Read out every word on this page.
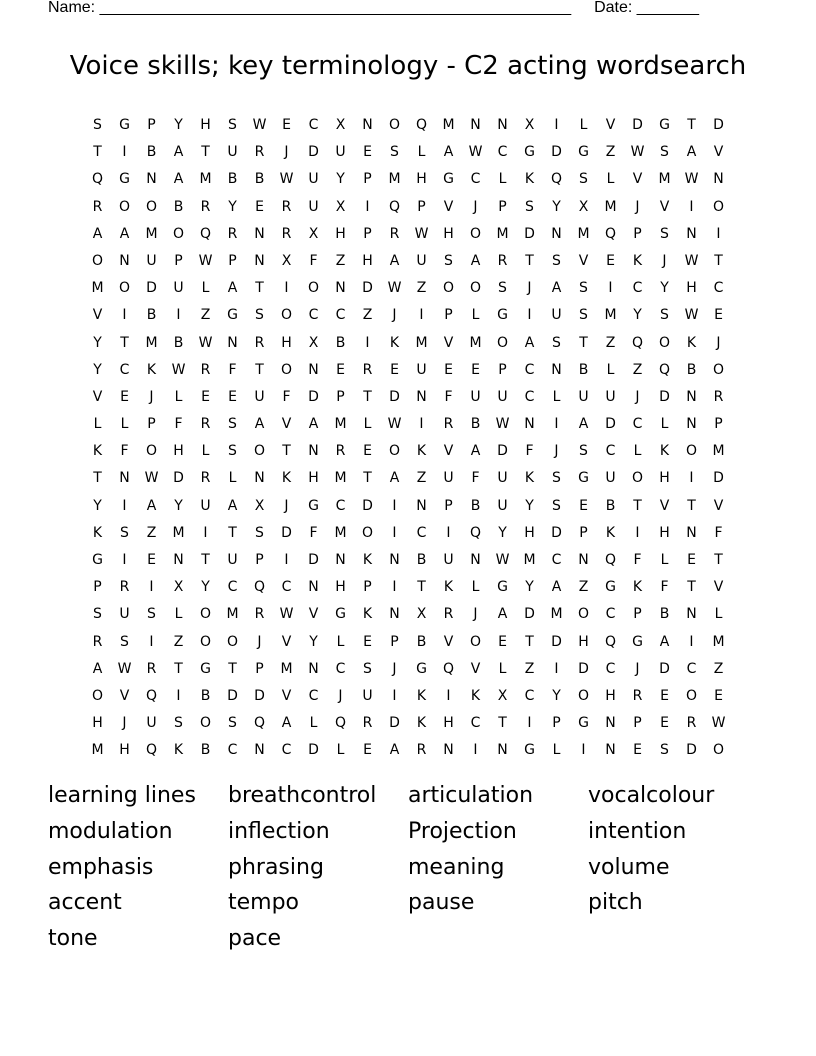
Name: _____________________________________________________ Date: _______
Voice skills; key terminology - C2 acting wordsearch
S	G	P	Y	H	S	W	E	C	X	N	O	Q	M	N	N	X	I	L	V	D	G	T	D
T	I	B	A	T	U	R	J	D	U	E	S	L	A	W	C	G	D	G	Z	W	S	A	V
Q	G	N	A	M	B	B	W	U	Y	P	M	H	G	C	L	K	Q	S	L	V	M	W	N
R	O	O	B	R	Y	E	R	U	X	I	Q	P	V	J	P	S	Y	X	M	J	V	I	O
A	A	M	O	Q	R	N	R	X	H	P	R	W	H	O	M	D	N	M	Q	P	S	N	I
O	N	U	P	W	P	N	X	F	Z	H	A	U	S	A	R	T	S	V	E	K	J	W	T
M	O	D	U	L	A	T	I	O	N	D	W	Z	O	O	S	J	A	S	I	C	Y	H	C
V	I	B	I	Z	G	S	O	C	C	Z	J	I	P	L	G	I	U	S	M	Y	S	W	E
Y	T	M	B	W	N	R	H	X	B	I	K	M	V	M	O	A	S	T	Z	Q	O	K	J
Y	C	K	W	R	F	T	O	N	E	R	E	U	E	E	P	C	N	B	L	Z	Q	B	O
V	E	J	L	E	E	U	F	D	P	T	D	N	F	U	U	C	L	U	U	J	D	N	R
L	L	P	F	R	S	A	V	A	M	L	W	I	R	B	W	N	I	A	D	C	L	N	P
K	F	O	H	L	S	O	T	N	R	E	O	K	V	A	D	F	J	S	C	L	K	O	M
T	N	W	D	R	L	N	K	H	M	T	A	Z	U	F	U	K	S	G	U	O	H	I	D
Y	I	A	Y	U	A	X	J	G	C	D	I	N	P	B	U	Y	S	E	B	T	V	T	V
K	S	Z	M	I	T	S	D	F	M	O	I	C	I	Q	Y	H	D	P	K	I	H	N	F
G	I	E	N	T	U	P	I	D	N	K	N	B	U	N	W	M	C	N	Q	F	L	E	T
P	R	I	X	Y	C	Q	C	N	H	P	I	T	K	L	G	Y	A	Z	G	K	F	T	V
S	U	S	L	O	M	R	W	V	G	K	N	X	R	J	A	D	M	O	C	P	B	N	L
R	S	I	Z	O	O	J	V	Y	L	E	P	B	V	O	E	T	D	H	Q	G	A	I	M
A	W	R	T	G	T	P	M	N	C	S	J	G	Q	V	L	Z	I	D	C	J	D	C	Z
O	V	Q	I	B	D	D	V	C	J	U	I	K	I	K	X	C	Y	O	H	R	E	O	E
H	J	U	S	O	S	Q	A	L	Q	R	D	K	H	C	T	I	P	G	N	P	E	R	W
M	H	Q	K	B	C	N	C	D	L	E	A	R	N	I	N	G	L	I	N	E	S	D	O
learning lines	breathcontrol	articulation	vocalcolour
modulation	inflection	Projection	intention
emphasis	phrasing	meaning	volume
accent	tempo	pause	pitch
tone	pace
